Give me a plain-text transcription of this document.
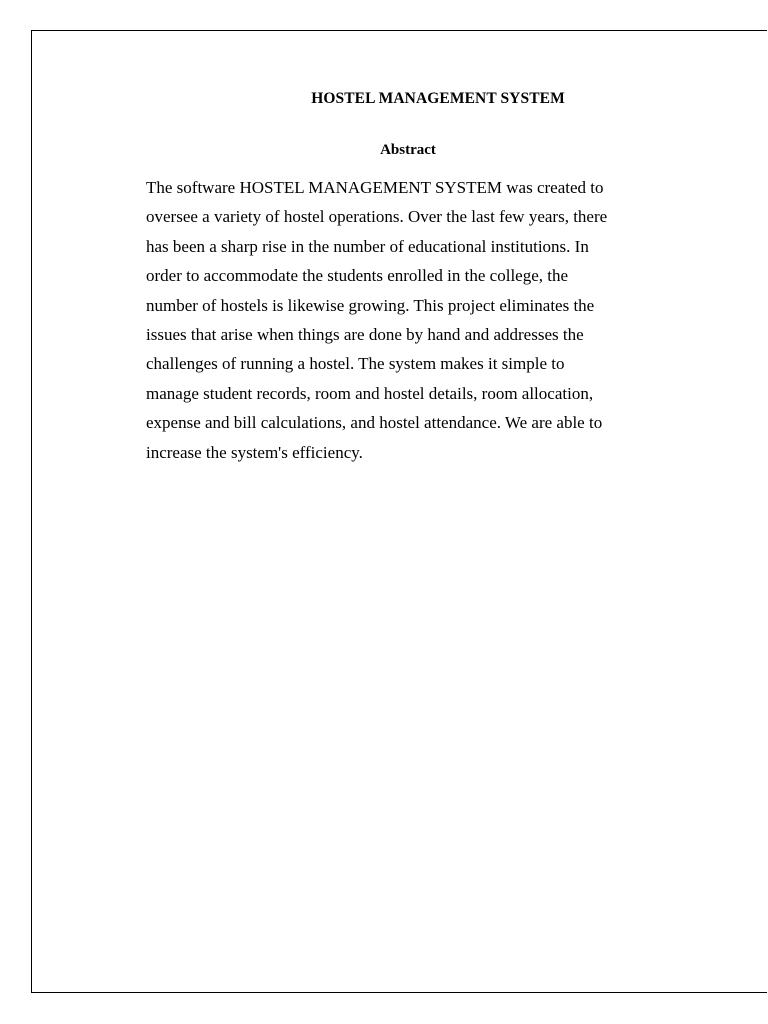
HOSTEL MANAGEMENT SYSTEM
Abstract

The software HOSTEL MANAGEMENT SYSTEM was created to
oversee a variety of hostel operations. Over the last few years, there
has been a sharp rise in the number of educational institutions. In
order to accommodate the students enrolled in the college, the
number of hostels is likewise growing. This project eliminates the
issues that arise when things are done by hand and addresses the
challenges of running a hostel. The system makes it simple to
manage student records, room and hostel details, room allocation,
expense and bill calculations, and hostel attendance. We are able to
increase the system's efficiency.
